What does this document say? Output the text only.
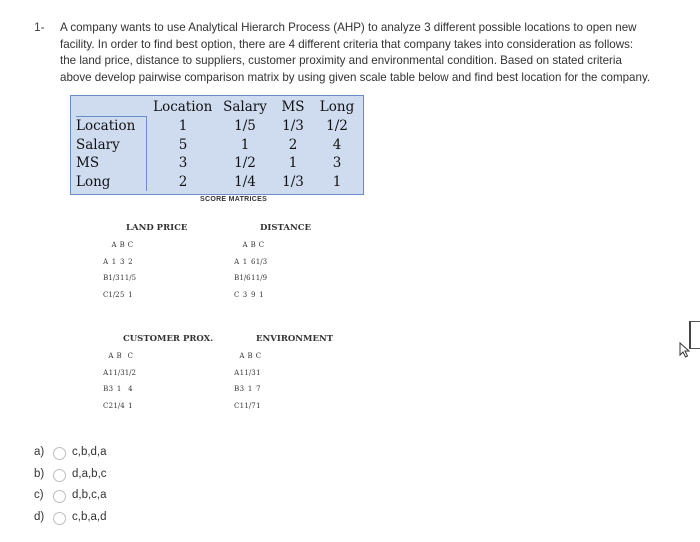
1- A company wants to use Analytical Hierarch Process (AHP) to analyze 3 different possible locations to open new
facility. In order to find best option, there are 4 different criteria that company takes into consideration as follows:
the land price, distance to suppliers, customer proximity and environmental condition. Based on stated criteria
above develop pairwise comparison matrix by using given scale table below and find best location for the company.
	Location	Salary	MS	Long
Location	1	1/5	1/3	1/2
Salary	5	1	2	4
MS	3	1/2	1	3
Long	2	1/4	1/3	1
SCORE MATRICES
LAND PRICE
	A	B	C
A	1	3	2
B	1/3	1	1/5
C	1/2	5	1
DISTANCE
	A	B	C
A	1	6	1/3
B	1/6	1	1/9
C	3	9	1
CUSTOMER PROX.
	A	B	C
A	1	1/3	1/2
B	3	1	4
C	2	1/4	1
ENVIRONMENT
	A	B	C
A	1	1/3	1
B	3	1	7
C	1	1/7	1
a) c,b,d,a
b) d,a,b,c
c) d,b,c,a
d) c,b,a,d
